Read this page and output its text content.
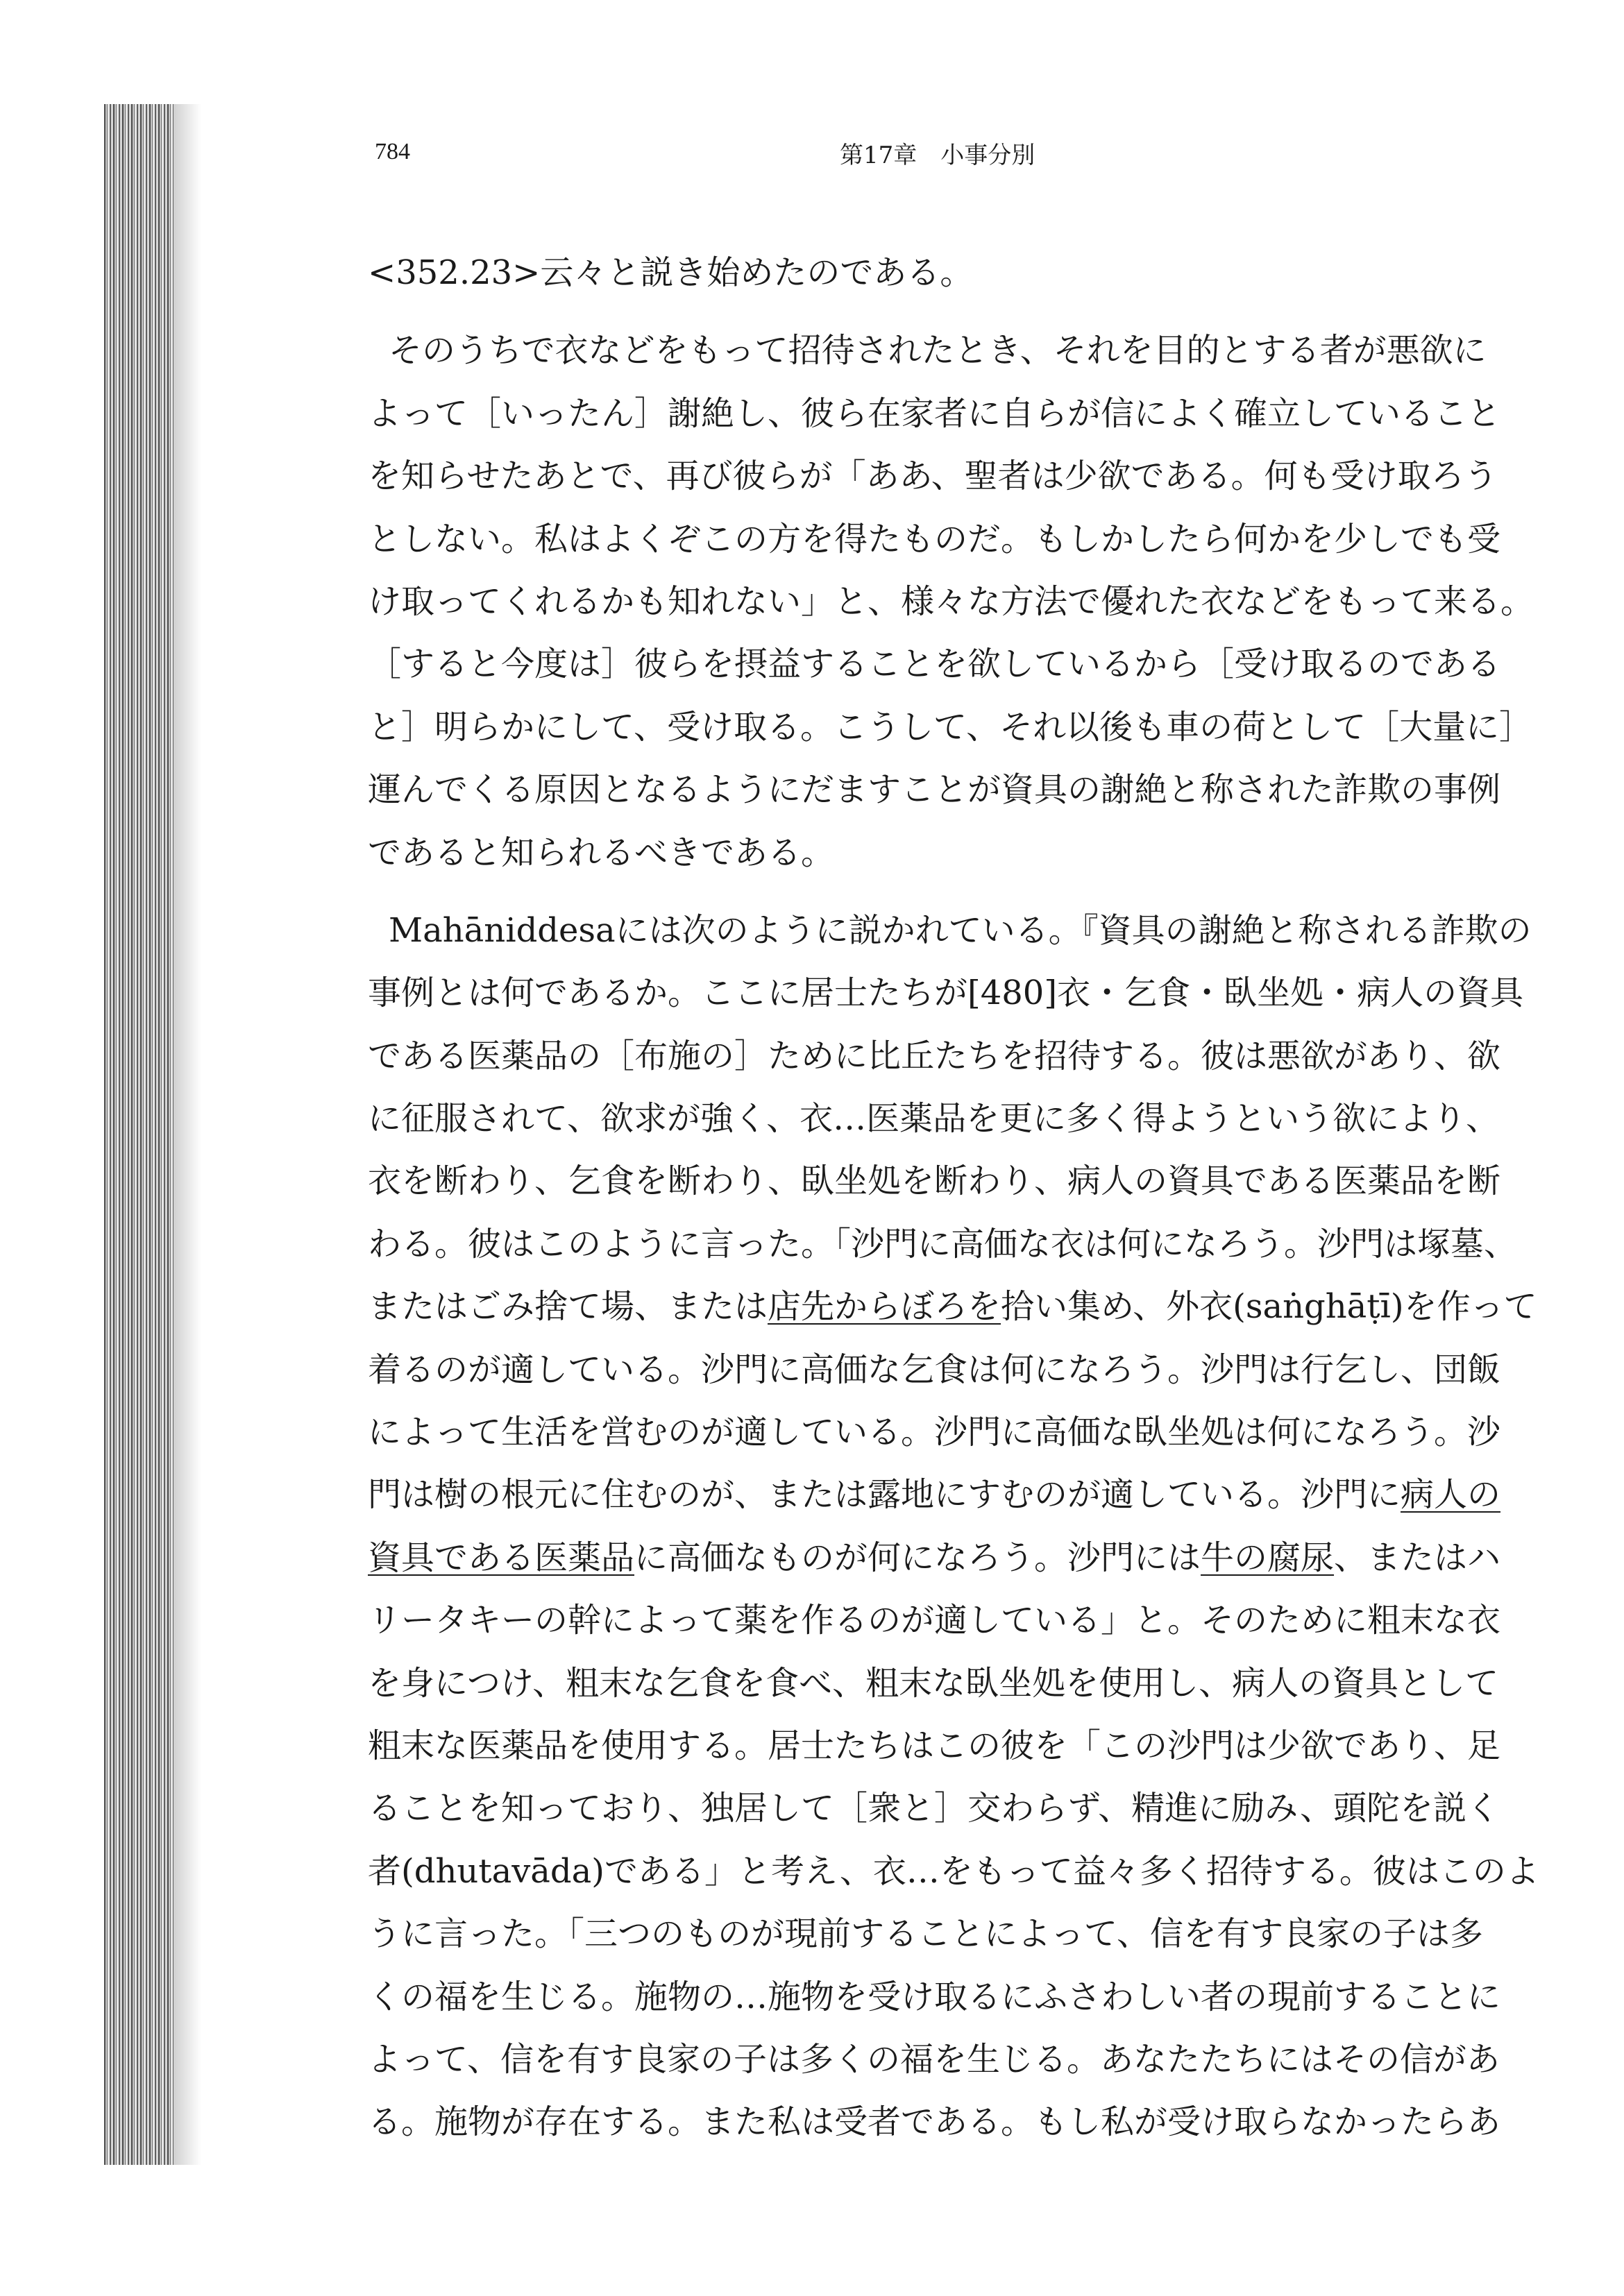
784	第17章　小事分別
<352.23>云々と説き始めたのである。
そのうちで衣などをもって招待されたとき、それを目的とする者が悪欲に
よって［いったん］謝絶し、彼ら在家者に自らが信によく確立していること
を知らせたあとで、再び彼らが「ああ、聖者は少欲である。何も受け取ろう
としない。私はよくぞこの方を得たものだ。もしかしたら何かを少しでも受
け取ってくれるかも知れない」と、様々な方法で優れた衣などをもって来る。
［すると今度は］彼らを摂益することを欲しているから［受け取るのである
と］明らかにして、受け取る。こうして、それ以後も車の荷として［大量に］
運んでくる原因となるようにだますことが資具の謝絶と称された詐欺の事例
であると知られるべきである。
Mahāniddesaには次のように説かれている。『資具の謝絶と称される詐欺の
事例とは何であるか。ここに居士たちが[480]衣・乞食・臥坐処・病人の資具
である医薬品の［布施の］ために比丘たちを招待する。彼は悪欲があり、欲
に征服されて、欲求が強く、衣…医薬品を更に多く得ようという欲により、
衣を断わり、乞食を断わり、臥坐処を断わり、病人の資具である医薬品を断
わる。彼はこのように言った。「沙門に高価な衣は何になろう。沙門は塚墓、
またはごみ捨て場、または店先からぼろを拾い集め、外衣(saṅghāṭī)を作って
着るのが適している。沙門に高価な乞食は何になろう。沙門は行乞し、団飯
によって生活を営むのが適している。沙門に高価な臥坐処は何になろう。沙
門は樹の根元に住むのが、または露地にすむのが適している。沙門に病人の
資具である医薬品に高価なものが何になろう。沙門には牛の腐尿、またはハ
リータキーの幹によって薬を作るのが適している」と。そのために粗末な衣
を身につけ、粗末な乞食を食べ、粗末な臥坐処を使用し、病人の資具として
粗末な医薬品を使用する。居士たちはこの彼を「この沙門は少欲であり、足
ることを知っており、独居して［衆と］交わらず、精進に励み、頭陀を説く
者(dhutavāda)である」と考え、衣…をもって益々多く招待する。彼はこのよ
うに言った。「三つのものが現前することによって、信を有す良家の子は多
くの福を生じる。施物の…施物を受け取るにふさわしい者の現前することに
よって、信を有す良家の子は多くの福を生じる。あなたたちにはその信があ
る。施物が存在する。また私は受者である。もし私が受け取らなかったらあ
